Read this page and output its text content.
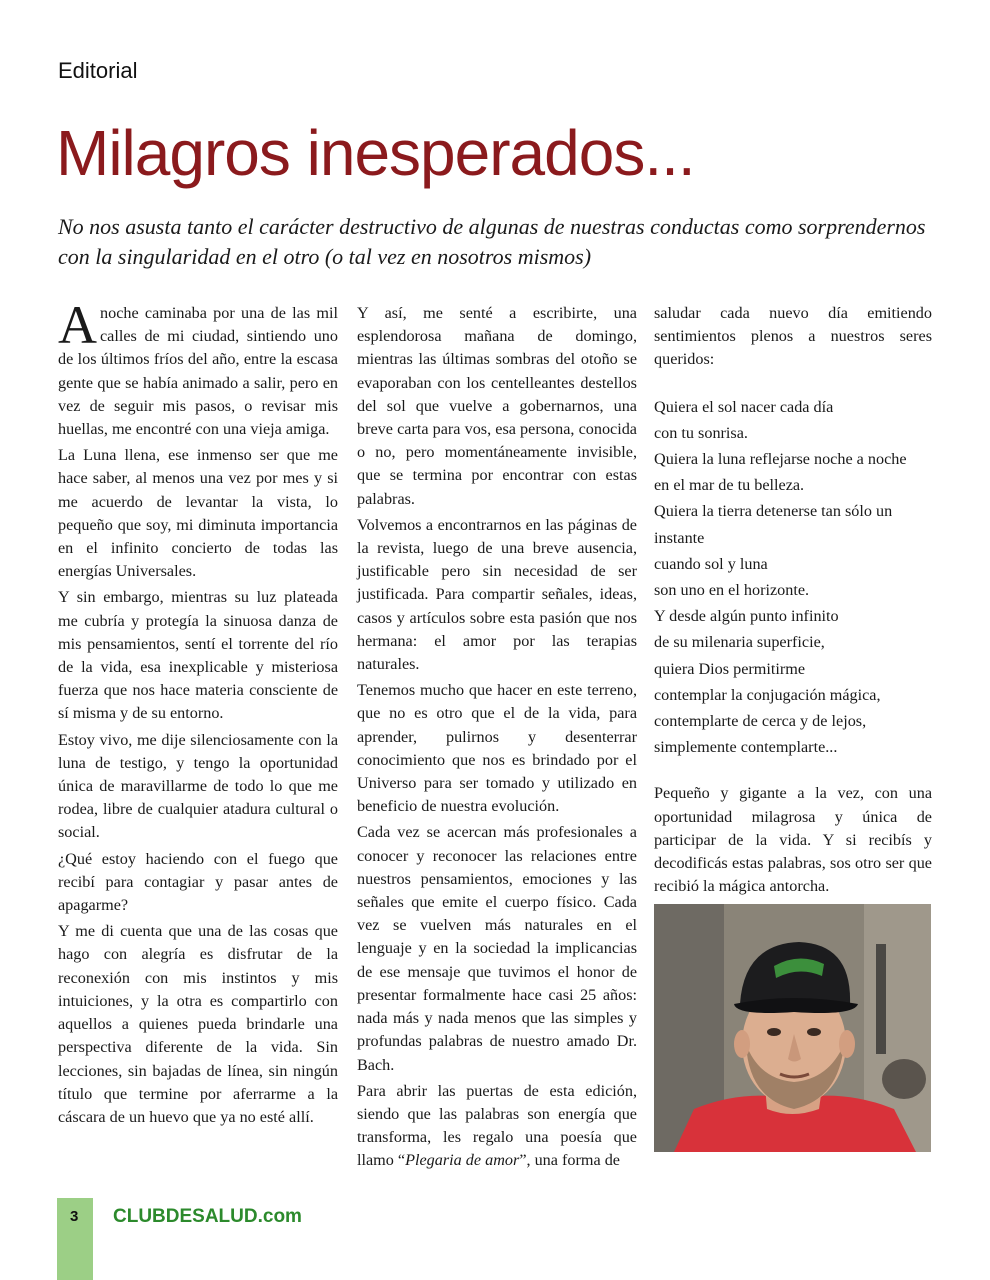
Editorial
Milagros inesperados...
No nos asusta tanto el carácter destructivo de algunas de nuestras conductas como sorprendernos con la singularidad en el otro (o tal vez en nosotros mismos)

Anoche caminaba por una de las mil calles de mi ciudad, sintiendo uno de los últimos fríos del año, entre la escasa gente que se había animado a salir, pero en vez de seguir mis pasos, o revisar mis huellas, me encontré con una vieja amiga.

La Luna llena, ese inmenso ser que me hace saber, al menos una vez por mes y si me acuerdo de levantar la vista, lo pequeño que soy, mi diminuta importancia en el infinito concierto de todas las energías Universales.

Y sin embargo, mientras su luz plateada me cubría y protegía la sinuosa danza de mis pensamientos, sentí el torrente del río de la vida, esa inexplicable y misteriosa fuerza que nos hace materia consciente de sí misma y de su entorno.

Estoy vivo, me dije silenciosamente con la luna de testigo, y tengo la oportunidad única de maravillarme de todo lo que me rodea, libre de cualquier atadura cultural o social.

¿Qué estoy haciendo con el fuego que recibí para contagiar y pasar antes de apagarme?

Y me di cuenta que una de las cosas que hago con alegría es disfrutar de la reconexión con mis instintos y mis intuiciones, y la otra es compartirlo con aquellos a quienes pueda brindarle una perspectiva diferente de la vida. Sin lecciones, sin bajadas de línea, sin ningún título que termine por aferrarme a la cáscara de un huevo que ya no esté allí.

Y así, me senté a escribirte, una esplendorosa mañana de domingo, mientras las últimas sombras del otoño se evaporaban con los centelleantes destellos del sol que vuelve a gobernarnos, una breve carta para vos, esa persona, conocida o no, pero momentáneamente invisible, que se termina por encontrar con estas palabras.

Volvemos a encontrarnos en las páginas de la revista, luego de una breve ausencia, justificable pero sin necesidad de ser justificada. Para compartir señales, ideas, casos y artículos sobre esta pasión que nos hermana: el amor por las terapias naturales.

Tenemos mucho que hacer en este terreno, que no es otro que el de la vida, para aprender, pulirnos y desenterrar conocimiento que nos es brindado por el Universo para ser tomado y utilizado en beneficio de nuestra evolución.

Cada vez se acercan más profesionales a conocer y reconocer las relaciones entre nuestros pensamientos, emociones y las señales que emite el cuerpo físico. Cada vez se vuelven más naturales en el lenguaje y en la sociedad la implicancias de ese mensaje que tuvimos el honor de presentar formalmente hace casi 25 años: nada más y nada menos que las simples y profundas palabras de nuestro amado Dr. Bach.

Para abrir las puertas de esta edición, siendo que las palabras son energía que transforma, les regalo una poesía que llamo “Plegaria de amor”, una forma de

saludar cada nuevo día emitiendo sentimientos plenos a nuestros seres queridos:

Quiera el sol nacer cada día
con tu sonrisa.
Quiera la luna reflejarse noche a noche
en el mar de tu belleza.
Quiera la tierra detenerse tan sólo un instante
cuando sol y luna
son uno en el horizonte.
Y desde algún punto infinito
de su milenaria superficie,
quiera Dios permitirme
contemplar la conjugación mágica,
contemplarte de cerca y de lejos,
simplemente contemplarte...

Pequeño y gigante a la vez, con una oportunidad milagrosa y única de participar de la vida. Y si recibís y decodificás estas palabras, sos otro ser que recibió la mágica antorcha.

3 CLUBDESALUD.com
